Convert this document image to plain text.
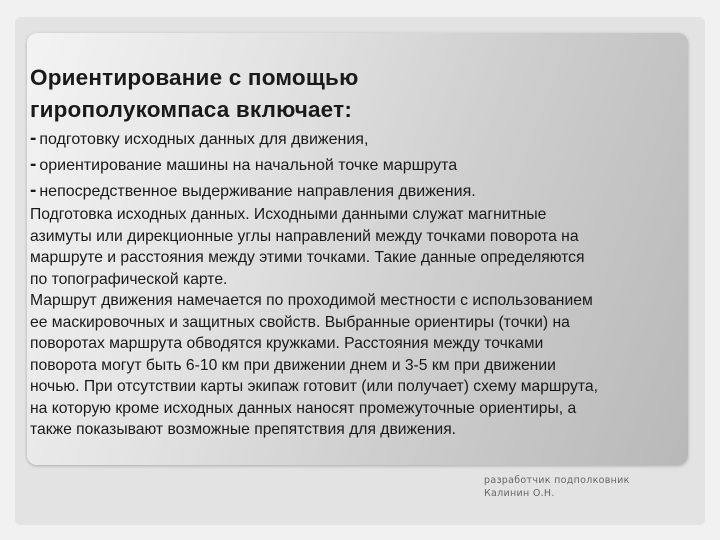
Ориентирование с помощью
гирополукомпаса включает:
- подготовку исходных данных для движения,
- ориентирование машины на начальной точке маршрута
- непосредственное выдерживание направления движения.

Подготовка исходных данных. Исходными данными служат магнитные

азимуты или дирекционные углы направлений между точками поворота на

маршруте и расстояния между этими точками. Такие данные определяются

по топографической карте.

Маршрут движения намечается по проходимой местности с использованием

ее маскировочных и защитных свойств. Выбранные ориентиры (точки) на

поворотах маршрута обводятся кружками. Расстояния между точками

поворота могут быть 6-10 км при движении днем и 3-5 км при движении

ночью. При отсутствии карты экипаж готовит (или получает) схему маршрута,

на которую кроме исходных данных наносят промежуточные ориентиры, а

также показывают возможные препятствия для движения.

разработчик подполковник
Калинин О.Н.
